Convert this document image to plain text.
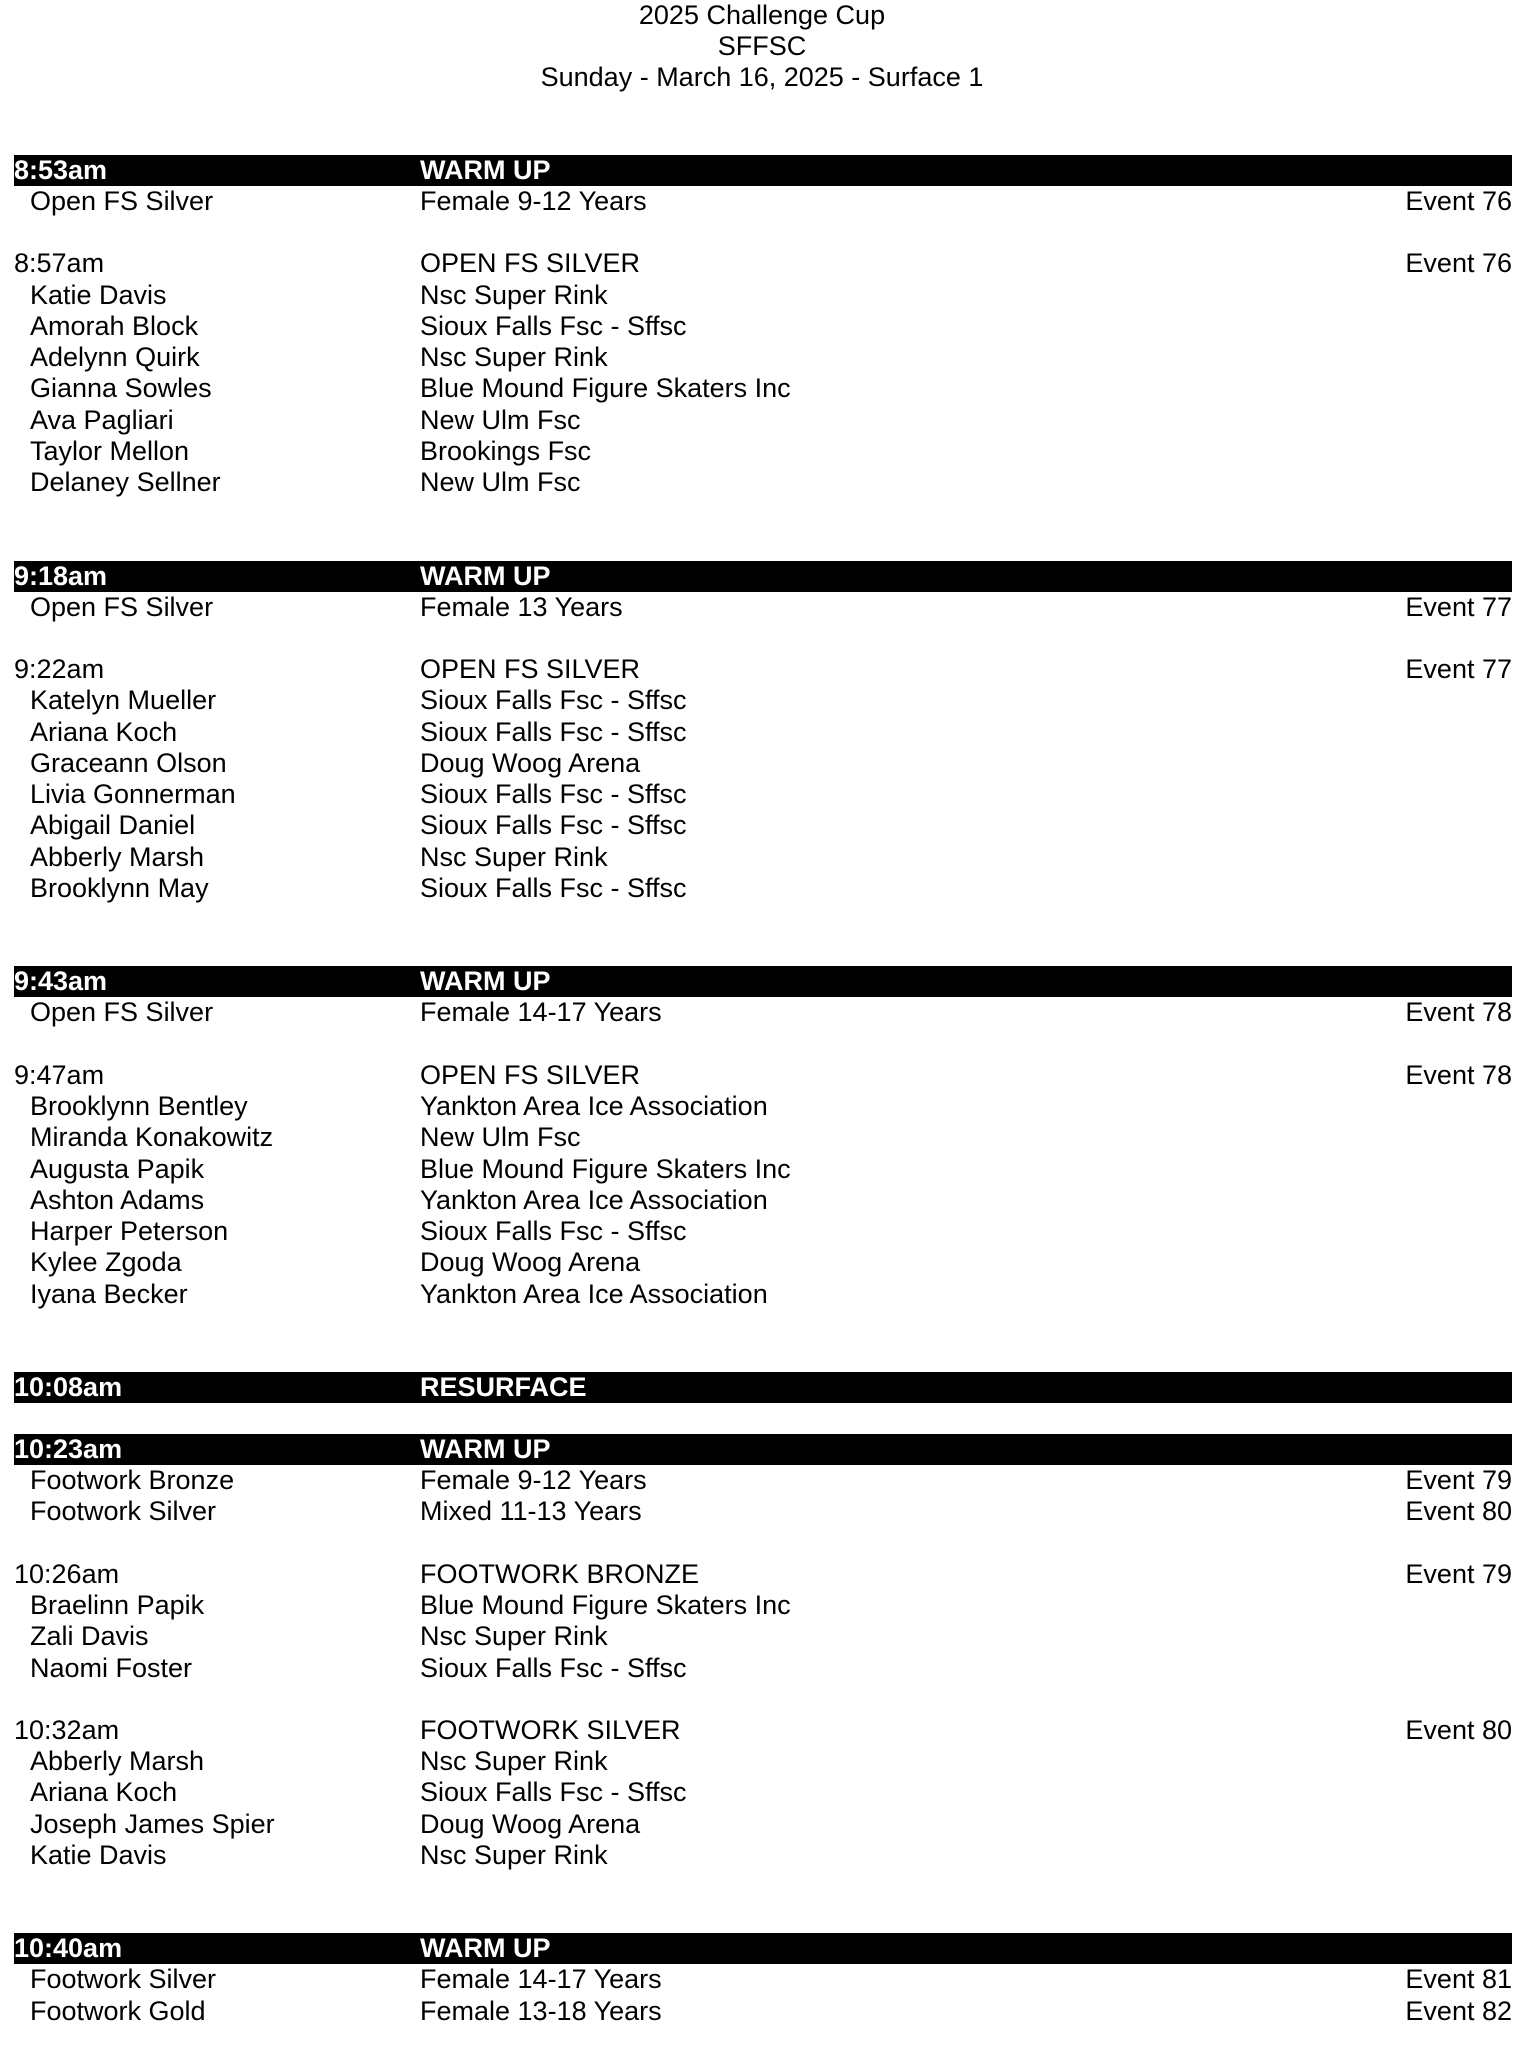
2025 Challenge Cup
SFFSC
Sunday - March 16, 2025 - Surface 1
8:53am	WARM UP
Open FS Silver	Female 9-12 Years	Event 76
8:57am	OPEN FS SILVER	Event 76
Katie Davis	Nsc Super Rink
Amorah Block	Sioux Falls Fsc - Sffsc
Adelynn Quirk	Nsc Super Rink
Gianna Sowles	Blue Mound Figure Skaters Inc
Ava Pagliari	New Ulm Fsc
Taylor Mellon	Brookings Fsc
Delaney Sellner	New Ulm Fsc
9:18am	WARM UP
Open FS Silver	Female 13 Years	Event 77
9:22am	OPEN FS SILVER	Event 77
Katelyn Mueller	Sioux Falls Fsc - Sffsc
Ariana Koch	Sioux Falls Fsc - Sffsc
Graceann Olson	Doug Woog Arena
Livia Gonnerman	Sioux Falls Fsc - Sffsc
Abigail Daniel	Sioux Falls Fsc - Sffsc
Abberly Marsh	Nsc Super Rink
Brooklynn May	Sioux Falls Fsc - Sffsc
9:43am	WARM UP
Open FS Silver	Female 14-17 Years	Event 78
9:47am	OPEN FS SILVER	Event 78
Brooklynn Bentley	Yankton Area Ice Association
Miranda Konakowitz	New Ulm Fsc
Augusta Papik	Blue Mound Figure Skaters Inc
Ashton Adams	Yankton Area Ice Association
Harper Peterson	Sioux Falls Fsc - Sffsc
Kylee Zgoda	Doug Woog Arena
Iyana Becker	Yankton Area Ice Association
10:08am	RESURFACE
10:23am	WARM UP
Footwork Bronze	Female 9-12 Years	Event 79
Footwork Silver	Mixed 11-13 Years	Event 80
10:26am	FOOTWORK BRONZE	Event 79
Braelinn Papik	Blue Mound Figure Skaters Inc
Zali Davis	Nsc Super Rink
Naomi Foster	Sioux Falls Fsc - Sffsc
10:32am	FOOTWORK SILVER	Event 80
Abberly Marsh	Nsc Super Rink
Ariana Koch	Sioux Falls Fsc - Sffsc
Joseph James Spier	Doug Woog Arena
Katie Davis	Nsc Super Rink
10:40am	WARM UP
Footwork Silver	Female 14-17 Years	Event 81
Footwork Gold	Female 13-18 Years	Event 82
